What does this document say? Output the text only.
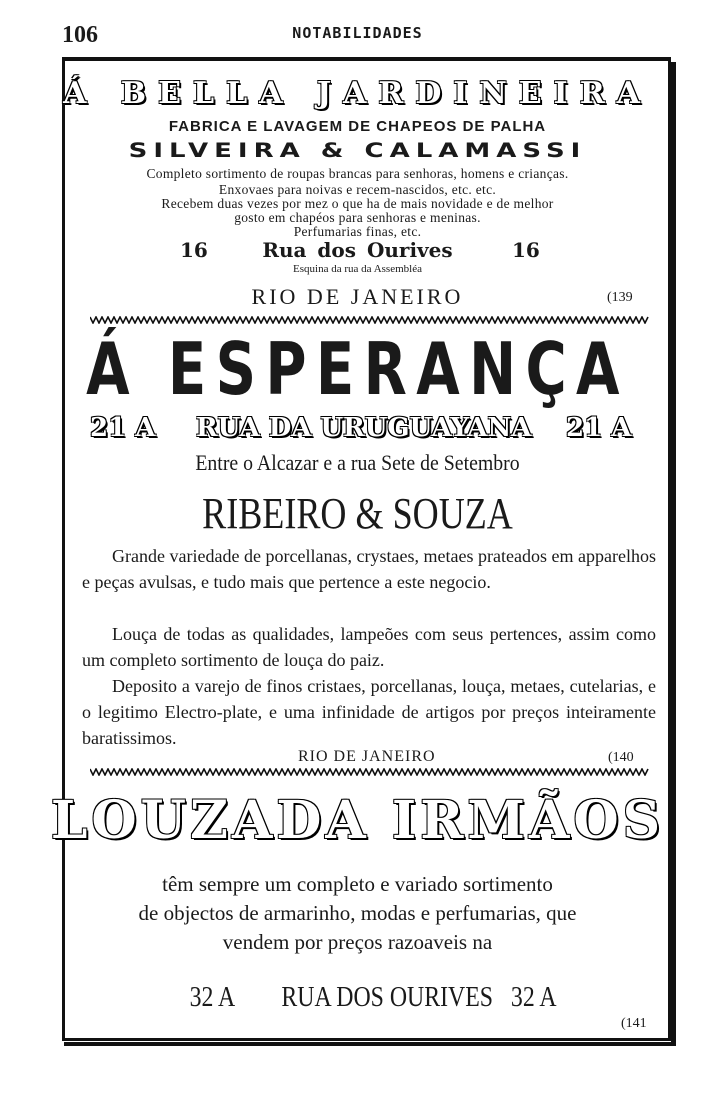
106	NOTABILIDADES
Á BELLA JARDINEIRA
FABRICA E LAVAGEM DE CHAPEOS DE PALHA
SILVEIRA & CALAMASSI
Completo sortimento de roupas brancas para senhoras, homens e crianças.
Enxovaes para noivas e recem-nascidos, etc. etc.
Recebem duas vezes por mez o que ha de mais novidade e de melhor
gosto em chapéos para senhoras e meninas.
Perfumarias finas, etc.
16	Rua dos Ourives	16
Esquina da rua da Assembléa
RIO DE JANEIRO	(139
Á ESPERANÇA
21 A RUA DA URUGUAYANA 21 A
Entre o Alcazar e a rua Sete de Setembro
RIBEIRO & SOUZA
Grande variedade de porcellanas, crystaes, metaes prateados em apparelhos e peças avulsas, e tudo mais que pertence a este negocio.
Louça de todas as qualidades, lampeões com seus pertences, assim como um completo sortimento de louça do paiz.
Deposito a varejo de finos cristaes, porcellanas, louça, metaes, cutelarias, e o legitimo Electro-plate, e uma infinidade de artigos por preços inteiramente baratissimos.
RIO DE JANEIRO	(140
LOUZADA IRMÃOS
têm sempre um completo e variado sortimento
de objectos de armarinho, modas e perfumarias, que
vendem por preços razoaveis na
32 A RUA DOS OURIVES 32 A
(141
